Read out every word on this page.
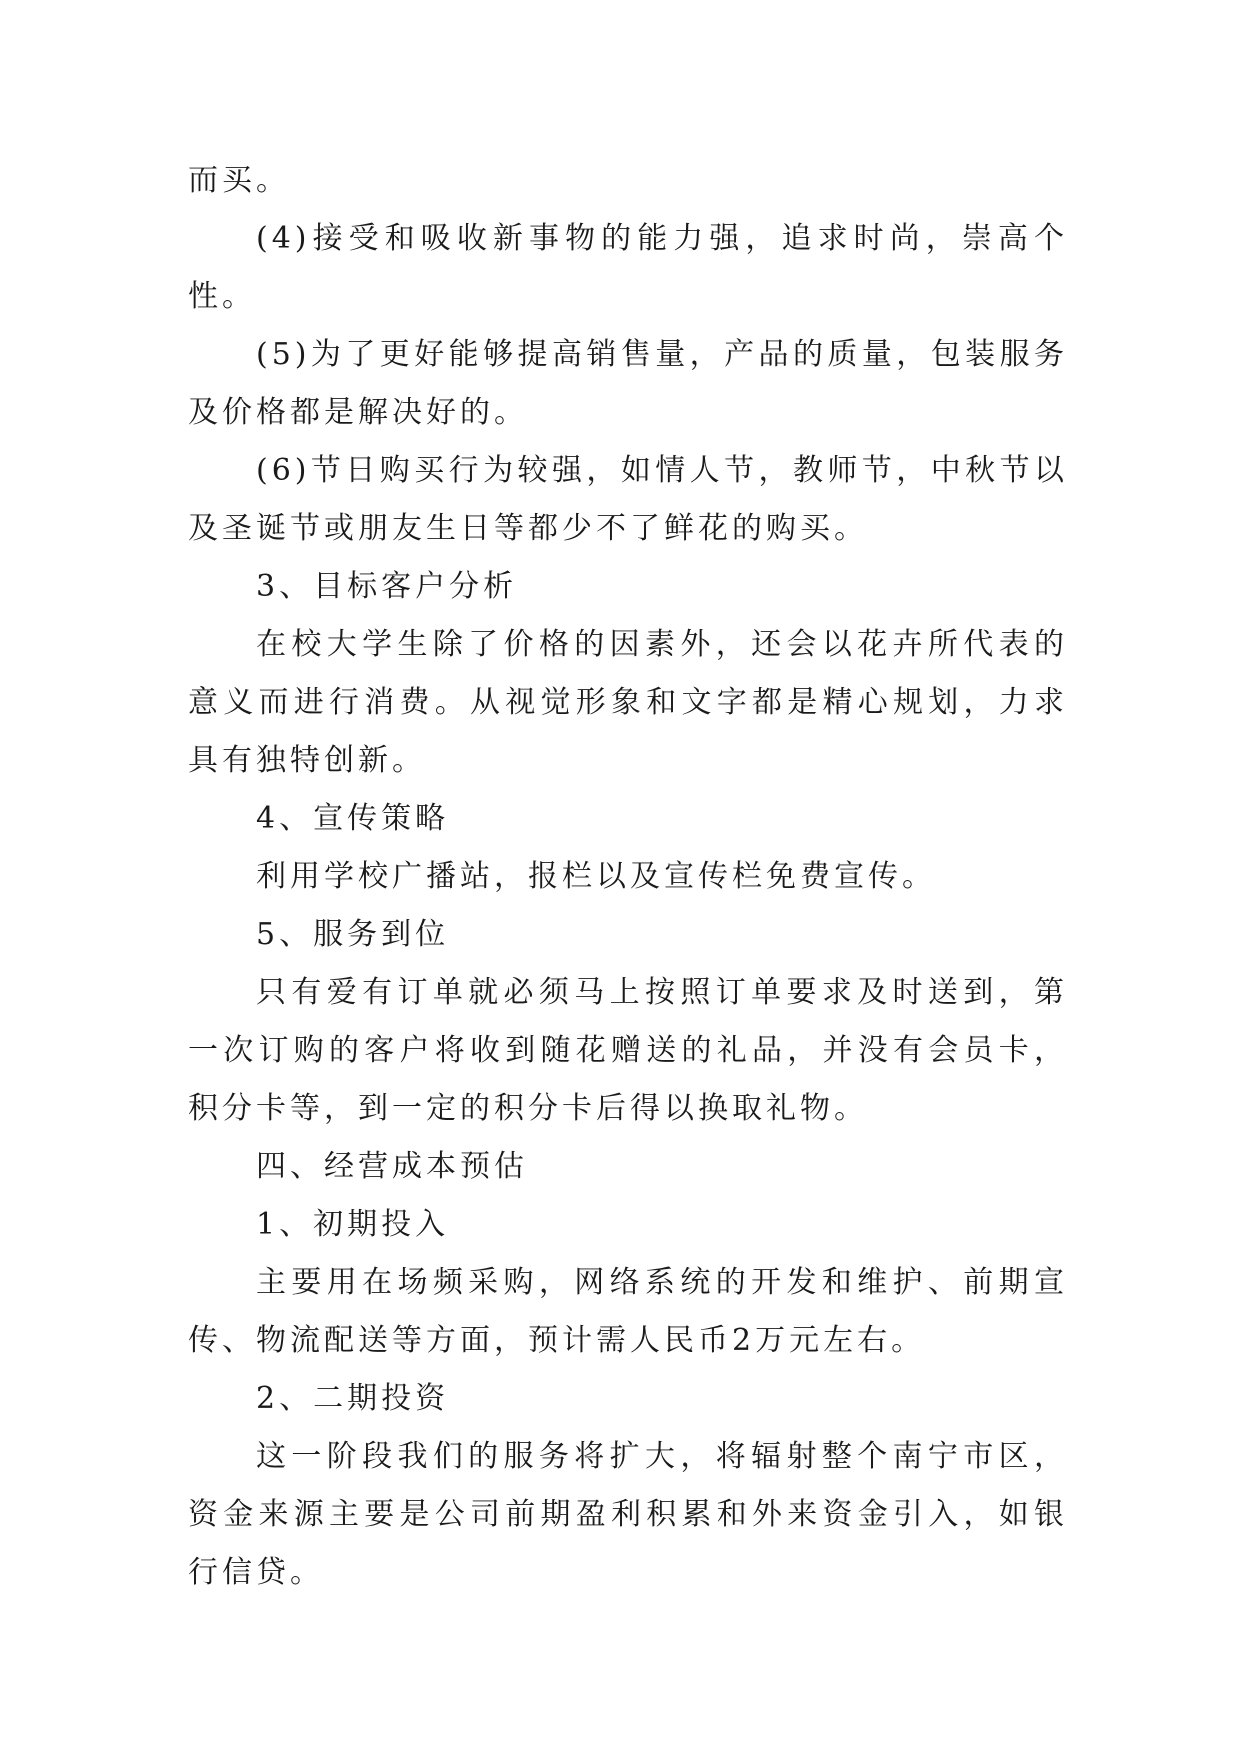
而买。

(4)接受和吸收新事物的能力强，追求时尚，崇高个性。

(5)为了更好能够提高销售量，产品的质量，包装服务及价格都是解决好的。

(6)节日购买行为较强，如情人节，教师节，中秋节以及圣诞节或朋友生日等都少不了鲜花的购买。

3、目标客户分析

在校大学生除了价格的因素外，还会以花卉所代表的意义而进行消费。从视觉形象和文字都是精心规划，力求具有独特创新。

4、宣传策略

利用学校广播站，报栏以及宣传栏免费宣传。

5、服务到位

只有爱有订单就必须马上按照订单要求及时送到，第一次订购的客户将收到随花赠送的礼品，并没有会员卡，积分卡等，到一定的积分卡后得以换取礼物。

四、经营成本预估

1、初期投入

主要用在场频采购，网络系统的开发和维护、前期宣传、物流配送等方面，预计需人民币2万元左右。

2、二期投资

这一阶段我们的服务将扩大，将辐射整个南宁市区，资金来源主要是公司前期盈利积累和外来资金引入，如银行信贷。
